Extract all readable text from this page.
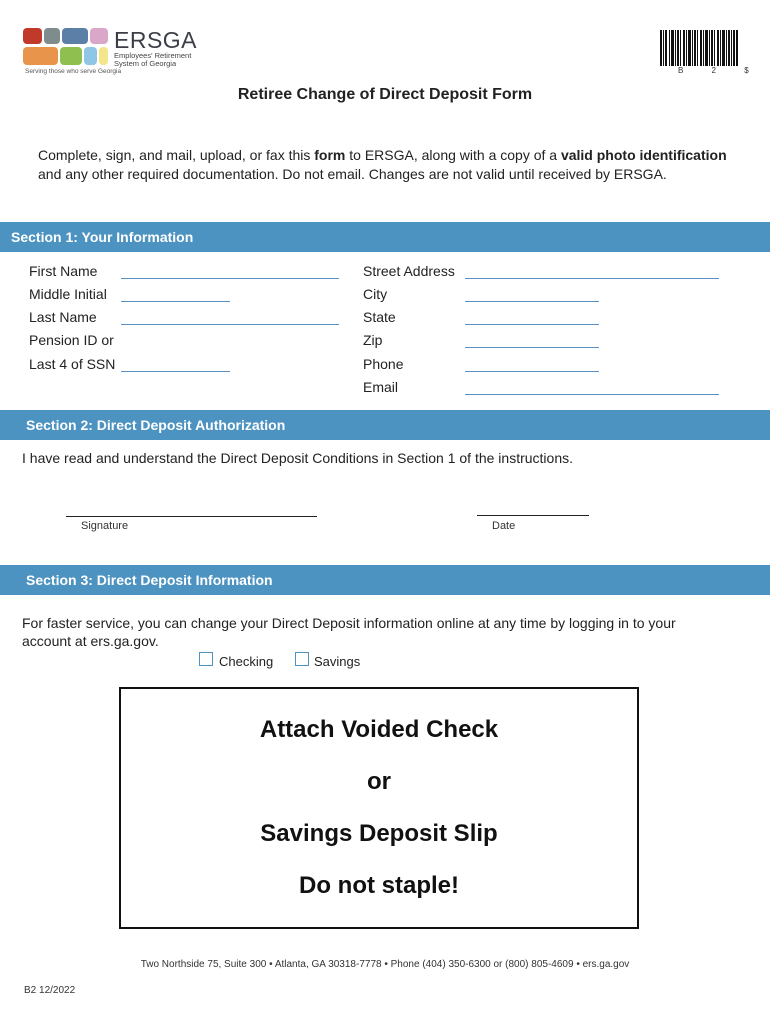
ERSGA
Employees' Retirement
System of Georgia
Serving those who serve Georgia	B 2 $
Retiree Change of Direct Deposit Form
Complete, sign, and mail, upload, or fax this form to ERSGA, along with a copy of a valid photo identification and any other required documentation. Do not email. Changes are not valid until received by ERSGA.
Section 1: Your Information
First Name
Middle Initial
Last Name
Pension ID or
Last 4 of SSN
Street Address
City
State
Zip
Phone
Email
Section 2: Direct Deposit Authorization
I have read and understand the Direct Deposit Conditions in Section 1 of the instructions.
Signature	Date
Section 3: Direct Deposit Information
For faster service, you can change your Direct Deposit information online at any time by logging in to your
account at ers.ga.gov.
Checking	Savings
Attach Voided Check
or
Savings Deposit Slip
Do not staple!
Two Northside 75, Suite 300 • Atlanta, GA 30318-7778 • Phone (404) 350-6300 or (800) 805-4609 • ers.ga.gov
B2 12/2022
